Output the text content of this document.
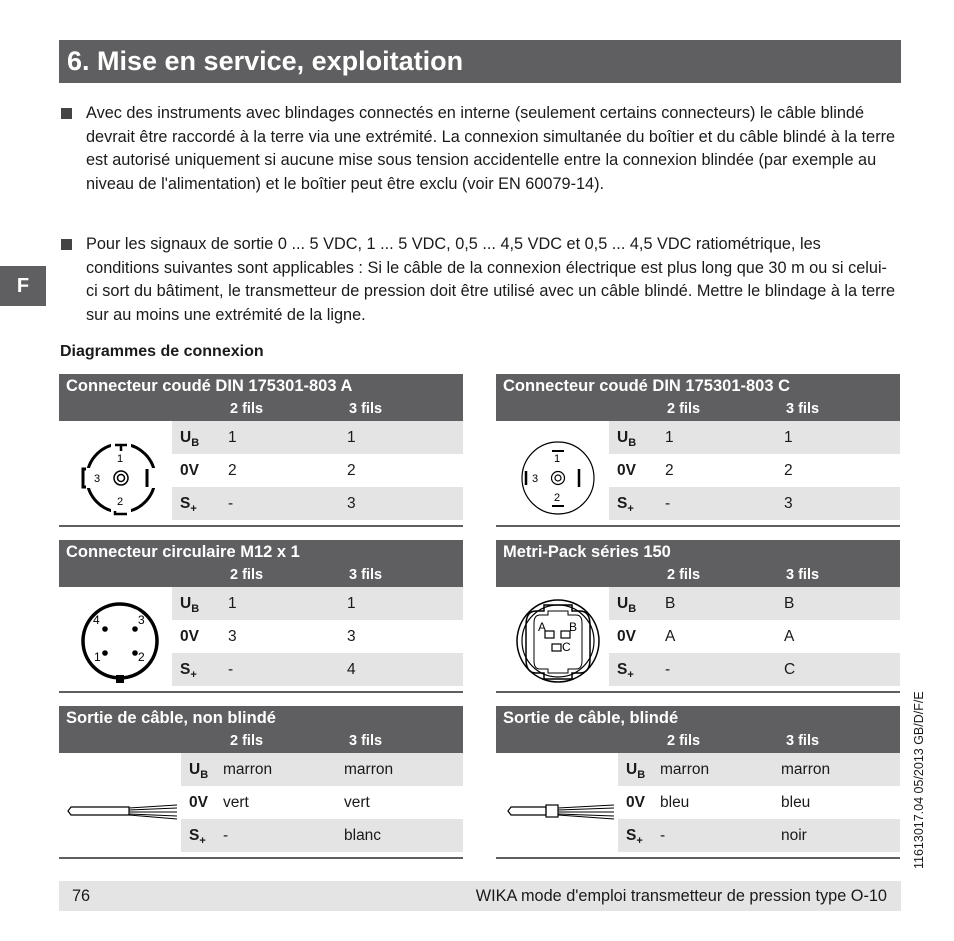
6. Mise en service, exploitation
Avec des instruments avec blindages connectés en interne (seulement certains connecteurs) le câble blindé devrait être raccordé à la terre via une extrémité. La connexion simultanée du boîtier et du câble blindé à la terre est autorisé uniquement si aucune mise sous tension accidentelle entre la connexion blindée (par exemple au niveau de l'alimentation) et le boîtier peut être exclu (voir EN 60079-14).
Pour les signaux de sortie 0 ... 5 VDC, 1 ... 5 VDC, 0,5 ... 4,5 VDC et 0,5 ... 4,5 VDC ratiométrique, les conditions suivantes sont applicables : Si le câble de la connexion électrique est plus long que 30 m ou si celui-ci sort du bâtiment, le transmetteur de pression doit être utilisé avec un câble blindé. Mettre le blindage à la terre sur au moins une extrémité de la ligne.
F
Diagrammes de connexion
Connecteur coudé DIN 175301-803 A
2 fils	3 fils
1
2
3
$U_B$ 1	1
0V 2	2
$S_+$ -	3
Connecteur coudé DIN 175301-803 C
2 fils	3 fils
1
2
3
$U_B$ 1	1
0V 2	2
$S_+$ -	3
Connecteur circulaire M12 x 1
2 fils	3 fils
4	3
1	2
$U_B$ 1	1
0V 3	3
$S_+$ -	4
Metri-Pack séries 150
2 fils	3 fils
A B
C
$U_B$ B	B
0V A	A
$S_+$ -	C
Sortie de câble, non blindé
2 fils	3 fils
$U_B$ marron	marron
0V vert	vert
$S_+$ -	blanc
Sortie de câble, blindé
2 fils	3 fils
$U_B$ marron	marron
0V bleu	bleu
$S_+$ -	noir
76	WIKA mode d'emploi transmetteur de pression type O-10
11613017.04 05/2013 GB/D/F/E
